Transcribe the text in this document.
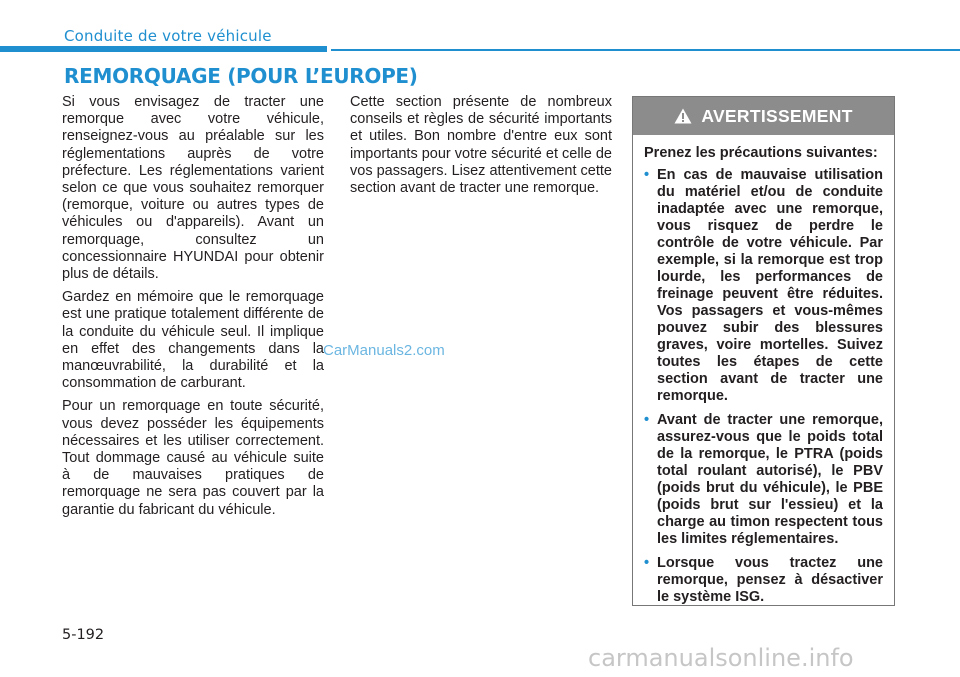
Conduite de votre véhicule
REMORQUAGE (POUR L’EUROPE)

Si vous envisagez de tracter une remorque avec votre véhicule, renseignez-vous au préalable sur les réglementations auprès de votre préfecture. Les réglementations varient selon ce que vous souhaitez remorquer (remorque, voiture ou autres types de véhicules ou d'appareils). Avant un remorquage, consultez un concessionnaire HYUNDAI pour obtenir plus de détails.

Gardez en mémoire que le remorquage est une pratique totalement différente de la conduite du véhicule seul. Il implique en effet des changements dans la manœuvrabilité, la durabilité et la consommation de carburant.

Pour un remorquage en toute sécurité, vous devez posséder les équipements nécessaires et les utiliser correctement. Tout dommage causé au véhicule suite à de mauvaises pratiques de remorquage ne sera pas couvert par la garantie du fabricant du véhicule.

Cette section présente de nombreux conseils et règles de sécurité importants et utiles. Bon nombre d'entre eux sont importants pour votre sécurité et celle de vos passagers. Lisez attentivement cette section avant de tracter une remorque.

CarManuals2.com
AVERTISSEMENT

Prenez les précautions suivantes:

• En cas de mauvaise utilisation du matériel et/ou de conduite inadaptée avec une remorque, vous risquez de perdre le contrôle de votre véhicule. Par exemple, si la remorque est trop lourde, les performances de freinage peuvent être réduites. Vos passagers et vous-mêmes pouvez subir des blessures graves, voire mortelles. Suivez toutes les étapes de cette section avant de tracter une remorque.
• Avant de tracter une remorque, assurez-vous que le poids total de la remorque, le PTRA (poids total roulant autorisé), le PBV (poids brut du véhicule), le PBE (poids brut sur l'essieu) et la charge au timon respectent tous les limites réglementaires.
• Lorsque vous tractez une remorque, pensez à désactiver le système ISG.
5-192
carmanualsonline.info
